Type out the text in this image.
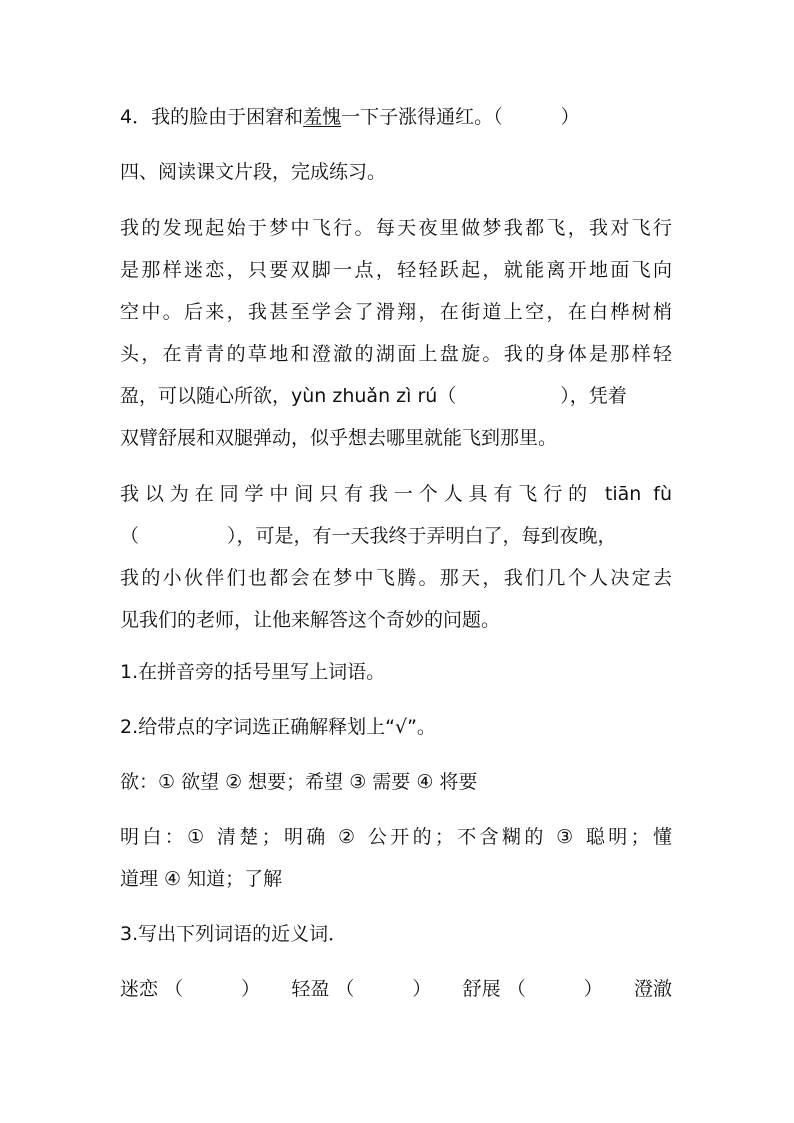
4．我的脸由于困窘和羞愧一下子涨得通红。（	）
四、阅读课文片段，完成练习。
我的发现起始于梦中飞行。每天夜里做梦我都飞，我对飞行
是那样迷恋，只要双脚一点，轻轻跃起，就能离开地面飞向
空中。后来，我甚至学会了滑翔，在街道上空，在白桦树梢
头，在青青的草地和澄澈的湖面上盘旋。我的身体是那样轻
盈，可以随心所欲，yùn zhuǎn zì rú（	），凭着
双臂舒展和双腿弹动，似乎想去哪里就能飞到那里。
我以为在同学中间只有我一个人具有飞行的 tiān fù
（	），可是，有一天我终于弄明白了，每到夜晚，
我的小伙伴们也都会在梦中飞腾。那天，我们几个人决定去
见我们的老师，让他来解答这个奇妙的问题。
1.在拼音旁的括号里写上词语。
2.给带点的字词选正确解释划上“√”。
欲：① 欲望 ② 想要；希望 ③ 需要 ④ 将要
明白：① 清楚；明确 ② 公开的；不含糊的 ③ 聪明；懂
道理 ④ 知道；了解
3.写出下列词语的近义词．
迷恋 （	） 轻盈 （	） 舒展 （	） 澄澈
